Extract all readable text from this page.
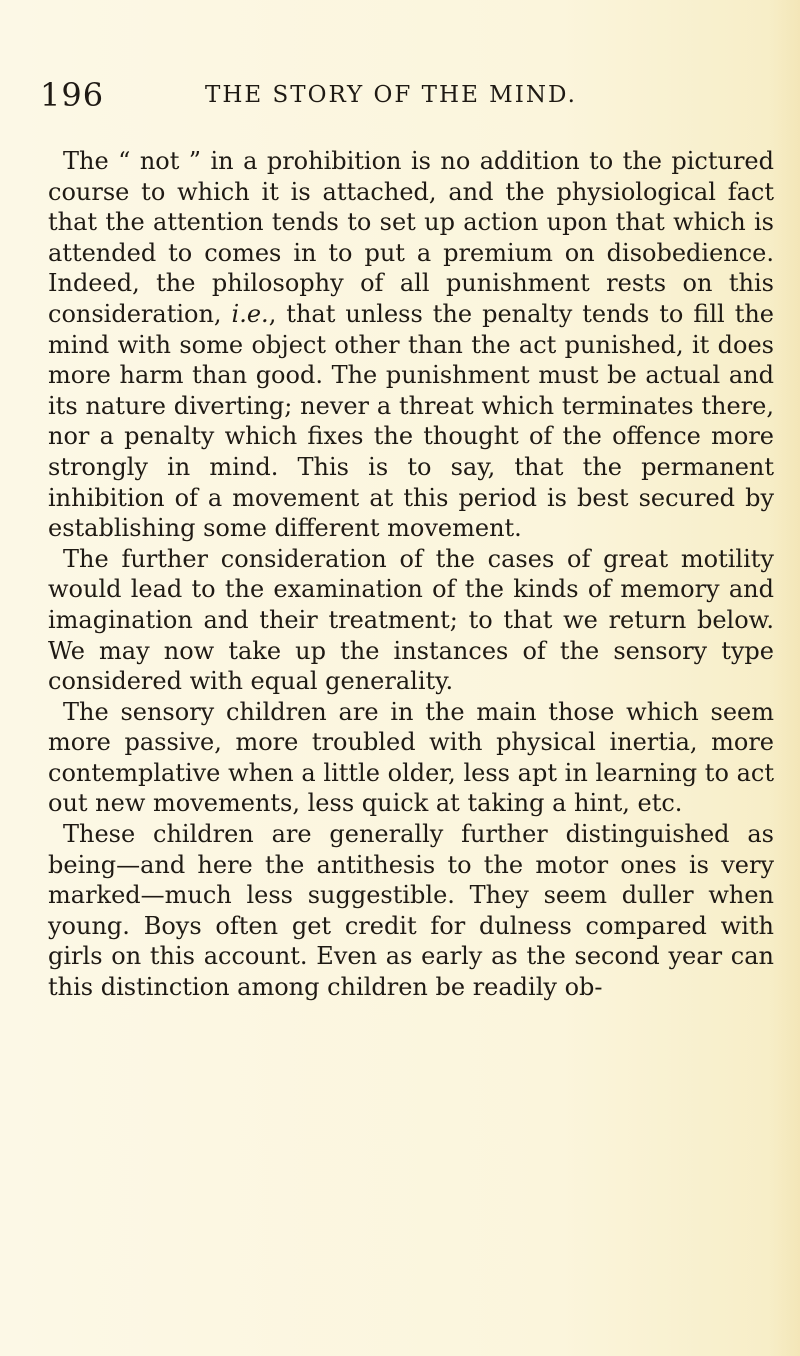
196	THE STORY OF THE MIND.

The “ not ” in a prohibition is no addition to the pictured course to which it is attached, and the physiological fact that the attention tends to set up action upon that which is attended to comes in to put a premium on disobedience. Indeed, the philosophy of all punishment rests on this consideration, i.e., that unless the penalty tends to fill the mind with some object other than the act punished, it does more harm than good. The punishment must be actual and its nature diverting; never a threat which terminates there, nor a penalty which fixes the thought of the offence more strongly in mind. This is to say, that the permanent inhibition of a movement at this period is best secured by establishing some different movement.

The further consideration of the cases of great motility would lead to the examination of the kinds of memory and imagination and their treatment; to that we return below. We may now take up the instances of the sensory type considered with equal generality.

The sensory children are in the main those which seem more passive, more troubled with physical inertia, more contemplative when a little older, less apt in learning to act out new movements, less quick at taking a hint, etc.

These children are generally further distinguished as being—and here the antithesis to the motor ones is very marked—much less suggestible. They seem duller when young. Boys often get credit for dulness compared with girls on this account. Even as early as the second year can this distinction among children be readily ob-
